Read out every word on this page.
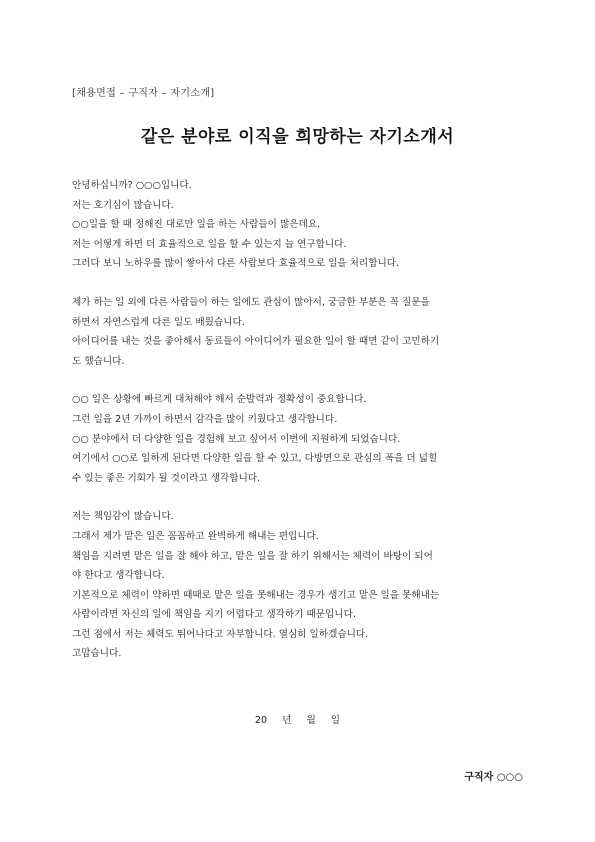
[채용면접 – 구직자 – 자기소개]
같은 분야로 이직을 희망하는 자기소개서
안녕하십니까? ○○○입니다.
저는 호기심이 많습니다.
○○일을 할 때 정해진 대로만 일을 하는 사람들이 많은데요.
저는 어떻게 하면 더 효율적으로 일을 할 수 있는지 늘 연구합니다.
그러다 보니 노하우를 많이 쌓아서 다른 사람보다 효율적으로 일을 처리합니다.
제가 하는 일 외에 다른 사람들이 하는 일에도 관심이 많아서, 궁금한 부분은 꼭 질문을
하면서 자연스럽게 다른 일도 배웠습니다.
아이디어를 내는 것을 좋아해서 동료들이 아이디어가 필요한 일이 할 때면 같이 고민하기
도 했습니다.
○○ 일은 상황에 빠르게 대처해야 해서 순발력과 정확성이 중요합니다.
그런 일을 2년 가까이 하면서 감각을 많이 키웠다고 생각합니다.
○○ 분야에서 더 다양한 일을 경험해 보고 싶어서 이번에 지원하게 되었습니다.
여기에서 ○○로 일하게 된다면 다양한 일을 할 수 있고, 다방면으로 관심의 폭을 더 넓힐
수 있는 좋은 기회가 될 것이라고 생각합니다.
저는 책임감이 많습니다.
그래서 제가 맡은 일은 꼼꼼하고 완벽하게 해내는 편입니다.
책임을 지려면 맡은 일을 잘 해야 하고, 맡은 일을 잘 하기 위해서는 체력이 바탕이 되어
야 한다고 생각합니다.
기본적으로 체력이 약하면 때때로 맡은 일을 못해내는 경우가 생기고 맡은 일을 못해내는
사람이라면 자신의 일에 책임을 지기 어렵다고 생각하기 때문입니다.
그런 점에서 저는 체력도 뛰어나다고 자부합니다. 열심히 일하겠습니다.
고맙습니다.
20 년 월 일
구직자 ○○○
